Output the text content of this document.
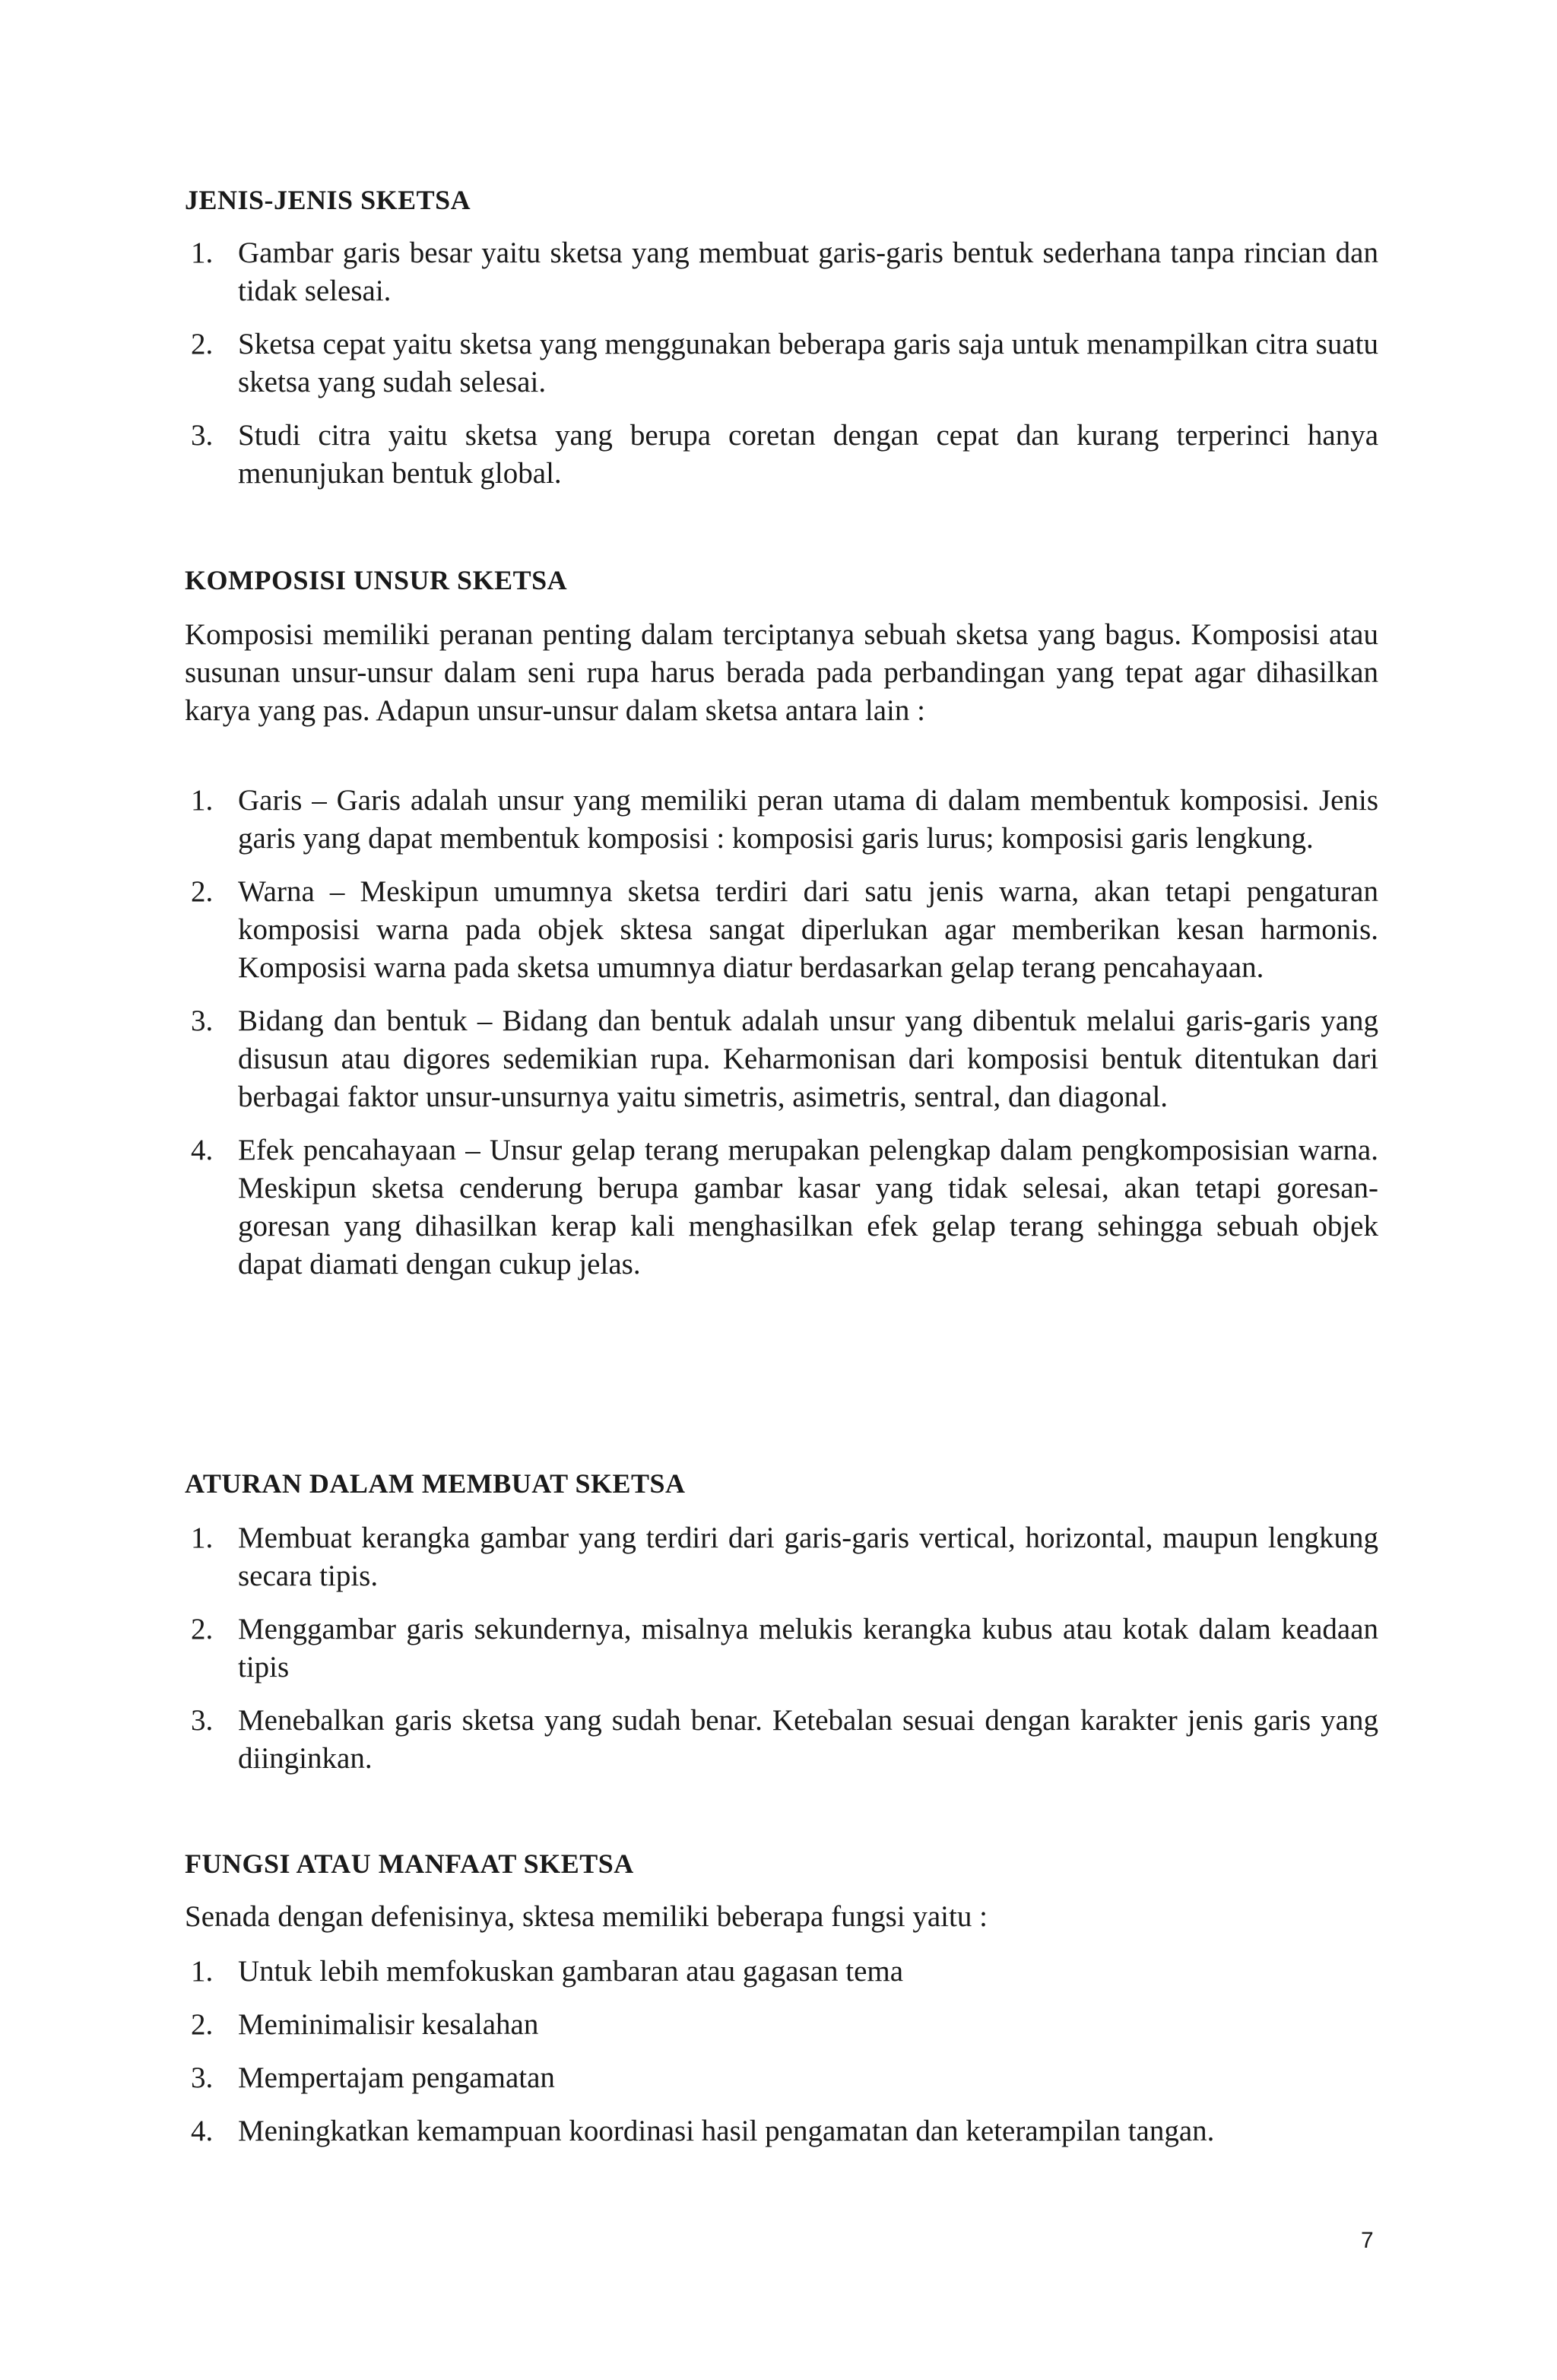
JENIS-JENIS SKETSA
1. Gambar garis besar yaitu sketsa yang membuat garis-garis bentuk sederhana tanpa rincian dan tidak selesai.
2. Sketsa cepat yaitu sketsa yang menggunakan beberapa garis saja untuk menampilkan citra suatu sketsa yang sudah selesai.
3. Studi citra yaitu sketsa yang berupa coretan dengan cepat dan kurang terperinci hanya menunjukan bentuk global.
KOMPOSISI UNSUR SKETSA

Komposisi memiliki peranan penting dalam terciptanya sebuah sketsa yang bagus. Komposisi atau susunan unsur-unsur dalam seni rupa harus berada pada perbandingan yang tepat agar dihasilkan karya yang pas. Adapun unsur-unsur dalam sketsa antara lain :

1. Garis – Garis adalah unsur yang memiliki peran utama di dalam membentuk komposisi. Jenis garis yang dapat membentuk komposisi : komposisi garis lurus; komposisi garis lengkung.
2. Warna – Meskipun umumnya sketsa terdiri dari satu jenis warna, akan tetapi pengaturan komposisi warna pada objek sktesa sangat diperlukan agar memberikan kesan harmonis. Komposisi warna pada sketsa umumnya diatur berdasarkan gelap terang pencahayaan.
3. Bidang dan bentuk – Bidang dan bentuk adalah unsur yang dibentuk melalui garis-garis yang disusun atau digores sedemikian rupa. Keharmonisan dari komposisi bentuk ditentukan dari berbagai faktor unsur-unsurnya yaitu simetris, asimetris, sentral, dan diagonal.
4. Efek pencahayaan – Unsur gelap terang merupakan pelengkap dalam pengkomposisian warna. Meskipun sketsa cenderung berupa gambar kasar yang tidak selesai, akan tetapi goresan-goresan yang dihasilkan kerap kali menghasilkan efek gelap terang sehingga sebuah objek dapat diamati dengan cukup jelas.
ATURAN DALAM MEMBUAT SKETSA
1. Membuat kerangka gambar yang terdiri dari garis-garis vertical, horizontal, maupun lengkung secara tipis.
2. Menggambar garis sekundernya, misalnya melukis kerangka kubus atau kotak dalam keadaan tipis
3. Menebalkan garis sketsa yang sudah benar. Ketebalan sesuai dengan karakter jenis garis yang diinginkan.
FUNGSI ATAU MANFAAT SKETSA

Senada dengan defenisinya, sktesa memiliki beberapa fungsi yaitu :

1. Untuk lebih memfokuskan gambaran atau gagasan tema
2. Meminimalisir kesalahan
3. Mempertajam pengamatan
4. Meningkatkan kemampuan koordinasi hasil pengamatan dan keterampilan tangan.
7
